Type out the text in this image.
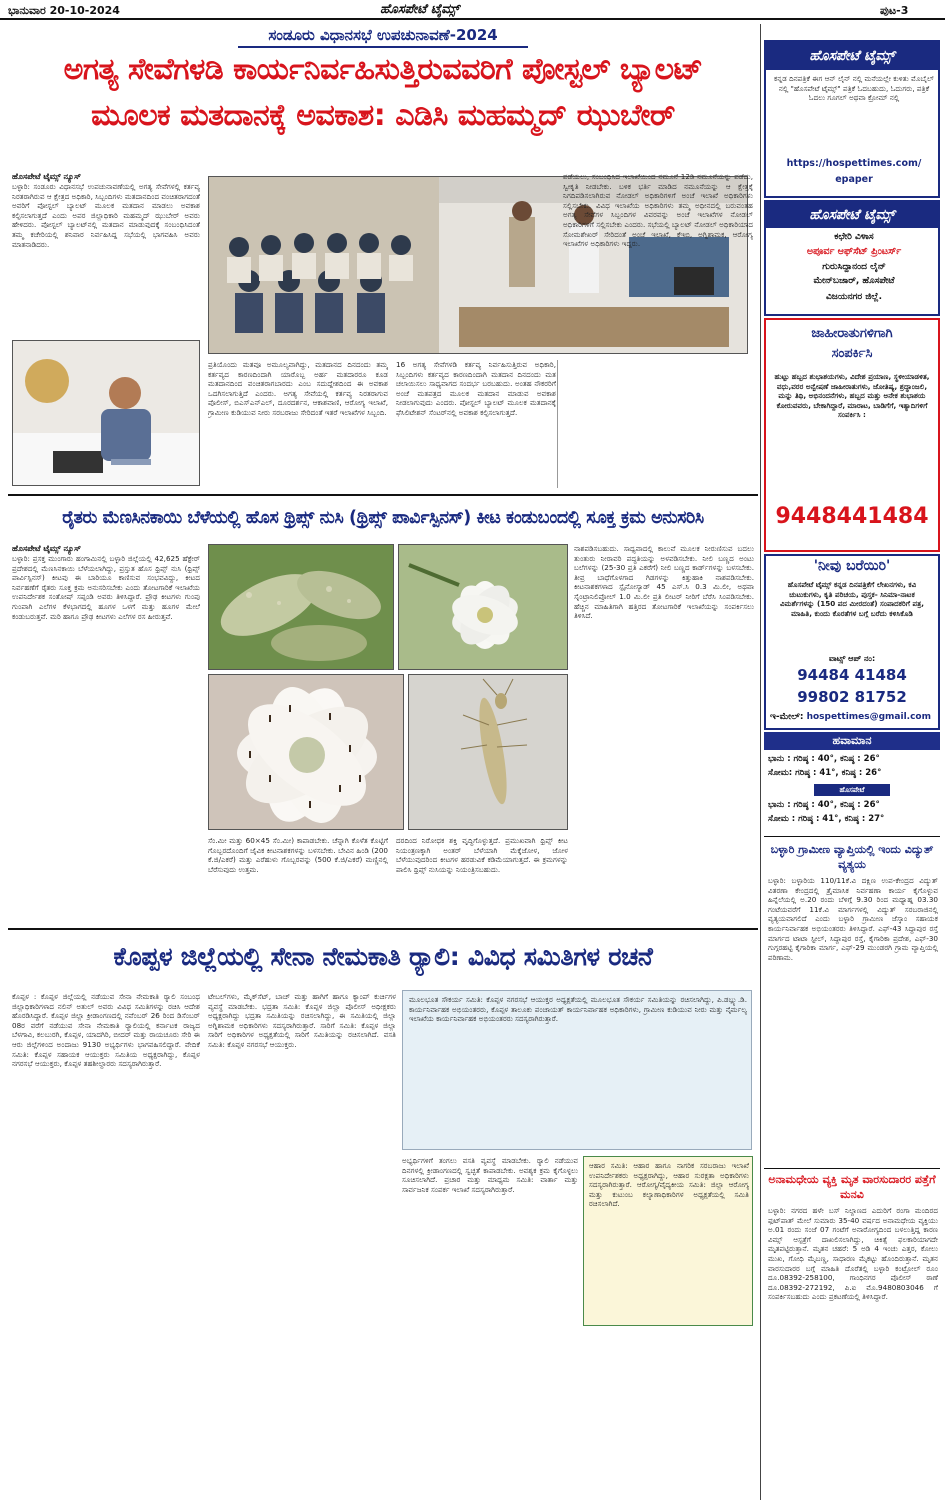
ಭಾನುವಾರ 20-10-2024	ಹೊಸಪೇಟೆ ಟೈಮ್ಸ್	ಪುಟ-3
ಸಂಡೂರು ವಿಧಾನಸಭೆ ಉಪಚುನಾವಣೆ-2024
ಅಗತ್ಯ ಸೇವೆಗಳಡಿ ಕಾರ್ಯನಿರ್ವಹಿಸುತ್ತಿರುವವರಿಗೆ ಪೋಸ್ಟಲ್ ಬ್ಯಾಲಟ್
ಮೂಲಕ ಮತದಾನಕ್ಕೆ ಅವಕಾಶ: ಎಡಿಸಿ ಮಹಮ್ಮದ್ ಝುಬೇರ್
ಹೊಸಪೇಟೆ ಟೈಮ್ಸ್ ನ್ಯೂಸ್
ಬಳ್ಳಾರಿ: ಸಂಡೂರು ವಿಧಾನಸಭೆ ಉಪಚುನಾವಣೆಯಲ್ಲಿ ಅಗತ್ಯ ಸೇವೆಗಳಲ್ಲಿ ಕರ್ತವ್ಯ ನಿರತರಾಗಿರುವ ಆ ಕ್ಷೇತ್ರದ ಅಧಿಕಾರಿ, ಸಿಬ್ಬಂದಿಗಳು ಮತದಾನದಿಂದ ವಂಚಿತರಾಗದಂತೆ ಅವರಿಗೆ ಪೋಸ್ಟಲ್ ಬ್ಯಾಲಟ್ ಮೂಲಕ ಮತದಾನ ಮಾಡಲು ಅವಕಾಶ ಕಲ್ಪಿಸಲಾಗುತ್ತದೆ ಎಂದು ಅಪರ ಜಿಲ್ಲಾಧಿಕಾರಿ ಮಹಮ್ಮದ್ ಝುಬೇರ್ ಅವರು ಹೇಳಿದರು. ಪೋಸ್ಟಲ್ ಬ್ಯಾಲಟ್‌ನಲ್ಲಿ ಮತದಾನ ಮಾಡುವುದಕ್ಕೆ ಸಂಬಂಧಿಸಿದಂತೆ ತಮ್ಮ ಕಚೇರಿಯಲ್ಲಿ ಶನಿವಾರ ನಿರ್ವಹಿಸಿದ್ದ ಸಭೆಯಲ್ಲಿ ಭಾಗವಹಿಸಿ ಅವರು ಮಾತನಾಡಿದರು.
ಪ್ರತಿಯೊಂದು ಮತವೂ ಅಮೂಲ್ಯವಾಗಿದ್ದು, ಮತದಾನದ ದಿನದಂದು ತಮ್ಮ ಕರ್ತವ್ಯದ ಕಾರಣದಿಂದಾಗಿ ಯಾರೊಬ್ಬ ಅರ್ಹ ಮತದಾರರೂ ಕೂಡ ಮತದಾನದಿಂದ ವಂಚಿತರಾಗಬಾರದು ಎಂಬ ಸದುದ್ದೇಶದಿಂದ ಈ ಅವಕಾಶ ಒದಗಿಸಲಾಗುತ್ತಿದೆ ಎಂದರು. ಅಗತ್ಯ ಸೇವೆಯಲ್ಲಿ ಕರ್ತವ್ಯ ನಿರತರಾಗುವ ಪೊಲೀಸ್, ಬಿಎಸ್‌ಎನ್‌ಎಲ್, ದೂರದರ್ಶನ, ಆಕಾಶವಾಣಿ, ಆರೋಗ್ಯ ಇಲಾಖೆ, ಗ್ರಾಮೀಣ ಕುಡಿಯುವ ನೀರು ಸರಬರಾಜು ಸೇರಿದಂತೆ ಇತರೆ ಇಲಾಖೆಗಳ ಸಿಬ್ಬಂದಿ.
16 ಅಗತ್ಯ ಸೇವೆಗಳಡಿ ಕರ್ತವ್ಯ ನಿರ್ವಹಿಸುತ್ತಿರುವ ಅಧಿಕಾರಿ, ಸಿಬ್ಬಂದಿಗಳು ಕರ್ತವ್ಯದ ಕಾರಣದಿಂದಾಗಿ ಮತದಾನ ದಿನದಂದು ಮತ ಚಲಾಯಿಸಲು ಸಾಧ್ಯವಾಗದ ಸಂದರ್ಭ ಬರಬಹುದು. ಅಂತಹ ನೌಕರರಿಗೆ ಅಂಚೆ ಮತಪತ್ರದ ಮೂಲಕ ಮತದಾನ ಮಾಡುವ ಅವಕಾಶ ನೀಡಲಾಗುವುದು ಎಂದರು. ಪೋಸ್ಟಲ್ ಬ್ಯಾಲಟ್ ಮೂಲಕ ಮತದಾನಕ್ಕೆ ಫೆಸಿಲಿಟೇಶನ್ ಸೆಂಟರ್‌ನಲ್ಲಿ ಅವಕಾಶ ಕಲ್ಪಿಸಲಾಗುತ್ತದೆ.
ಪಡೆಯಲು, ಸಂಬಂಧಿಸಿದ ಇಲಾಖೆಯಿಂದ ನಮೂನೆ 12ಡಿ ನಮೂನೆಯನ್ನು ಪಡೆದು, ಸ್ವೀಕೃತಿ ನೀಡಬೇಕು. ಬಳಿಕ ಭರ್ತಿ ಮಾಡಿದ ನಮೂನೆಯನ್ನು ಆ ಕ್ಷೇತ್ರಕ್ಕೆ ನಿಗದಿಪಡಿಸಲಾಗಿರುವ ನೋಡಲ್ ಅಧಿಕಾರಿಗಳಿಗೆ ಅಂಚೆ ಇಲಾಖೆ ಅಧಿಕಾರಿಗಳು ಸಲ್ಲಿಸಬೇಕು. ವಿವಿಧ ಇಲಾಖೆಯ ಅಧಿಕಾರಿಗಳು ತಮ್ಮ ಅಧೀನದಲ್ಲಿ ಬರುವಂತಹ ಅಗತ್ಯ ಸೇವೆಗಳ ಸಿಬ್ಬಂದಿಗಳ ವಿವರವನ್ನು ಅಂಚೆ ಇಲಾಖೆಗಳ ನೋಡಲ್ ಅಧಿಕಾರಿಗಳಿಗೆ ಸಲ್ಲಿಸಬೇಕು ಎಂದರು. ಸಭೆಯಲ್ಲಿ ಬ್ಯಾಲಟ್ ನೋಡಲ್ ಅಧಿಕಾರಿಯಾದ ಸೋಮಶೇಖರ್ ಸೇರಿದಂತೆ ಅಂಚೆ ಇಲಾಖೆ, ಕೆಇಬಿ, ಅಗ್ನಿಶಾಮಕ, ಆರೋಗ್ಯ ಇಲಾಖೆಗಳ ಅಧಿಕಾರಿಗಳು ಇದ್ದರು.
ರೈತರು ಮೆಣಸಿನಕಾಯಿ ಬೆಳೆಯಲ್ಲಿ ಹೊಸ ಥ್ರಿಪ್ಸ್ ನುಸಿ (ಥ್ರಿಪ್ಸ್ ಪಾರ್ವಿಸ್ಪಿನಸ್) ಕೀಟ ಕಂಡುಬಂದಲ್ಲಿ ಸೂಕ್ತ ಕ್ರಮ ಅನುಸರಿಸಿ
ಹೊಸಪೇಟೆ ಟೈಮ್ಸ್ ನ್ಯೂಸ್
ಬಳ್ಳಾರಿ: ಪ್ರಸಕ್ತ ಮುಂಗಾರು ಹಂಗಾಮಿನಲ್ಲಿ ಬಳ್ಳಾರಿ ಜಿಲ್ಲೆಯಲ್ಲಿ 42,625 ಹೆಕ್ಟೇರ್ ಪ್ರದೇಶದಲ್ಲಿ ಮೆಣಸಿನಕಾಯಿ ಬೆಳೆಯಲಾಗಿದ್ದು, ಪ್ರಸ್ತುತ ಹೊಸ ಥ್ರಿಪ್ಸ್ ನುಸಿ (ಥ್ರಿಪ್ಸ್ ಪಾರ್ವಿಸ್ಪಿನಸ್) ಕೀಟವು ಈ ಬಾರಿಯೂ ಕಾಣಿಸುವ ಸಂಭವವಿದ್ದು, ಕೀಟದ ನಿರ್ವಹಣೆಗೆ ರೈತರು ಸೂಕ್ತ ಕ್ರಮ ಅನುಸರಿಸಬೇಕು ಎಂದು ತೋಟಗಾರಿಕೆ ಇಲಾಖೆಯ ಉಪನಿರ್ದೇಶಕ ಸಂತೋಷ್ ಸಪ್ಪಂಡಿ ಅವರು ತಿಳಿಸಿದ್ದಾರೆ. ಪ್ರೌಢ ಕೀಟಗಳು ಗುಂಪು ಗುಂಪಾಗಿ ಎಲೆಗಳ ಕೆಳಭಾಗದಲ್ಲಿ ಹೂಗಳ ಒಳಗೆ ಮತ್ತು ಹೂಗಳ ಮೇಲೆ ಕಂಡುಬರುತ್ತವೆ. ಮರಿ ಹಾಗೂ ಪ್ರೌಢ ಕೀಟಗಳು ಎಲೆಗಳ ರಸ ಹೀರುತ್ತವೆ.
ಸೆಂ.ಮೀ ಮತ್ತು 60×45 ಸೆಂ.ಮೀ) ಕಾಪಾಡಬೇಕು. ಚೆನ್ನಾಗಿ ಕೊಳೆತ ಕೊಟ್ಟಿಗೆ ಗೊಬ್ಬರದೊಂದಿಗೆ ಜೈವಿಕ ಕೀಟನಾಶಕಗಳನ್ನು ಬಳಸಬೇಕು. ಬೇವಿನ ಹಿಂಡಿ (200 ಕೆ.ಜಿ/ಎಕರೆ) ಮತ್ತು ಎರೆಹುಳು ಗೊಬ್ಬರವನ್ನು (500 ಕೆ.ಜಿ/ಎಕರೆ) ಮಣ್ಣಿನಲ್ಲಿ ಬೆರೆಸುವುದು ಉತ್ತಮ.
ದರದಿಂದ ನಿರೋಧಕ ಶಕ್ತಿ ವೃದ್ಧಿಗೊಳ್ಳುತ್ತದೆ. ಪ್ರಮುಖವಾಗಿ ಥ್ರಿಪ್ಸ್ ಕೀಟ ನಿಯಂತ್ರಣಕ್ಕಾಗಿ ಅಂತರ್ ಬೆಳೆಯಾಗಿ ಮೆಕ್ಕೆಜೋಳ, ಜೋಳ ಬೆಳೆಯುವುದರಿಂದ ಕೀಟಗಳ ಹರಡುವಿಕೆ ಕಡಿಮೆಯಾಗುತ್ತದೆ. ಈ ಕ್ರಮಗಳನ್ನು ಪಾಲಿಸಿ ಥ್ರಿಪ್ಸ್ ನುಸಿಯನ್ನು ನಿಯಂತ್ರಿಸಬಹುದು.
ನಾಶಪಡಿಸಬಹುದು. ಸಾಧ್ಯವಾದಲ್ಲಿ ಕಾಲುವೆ ಮೂಲಕ ನೀರುಣಿಸುವ ಬದಲು ತುಂತುರು ನೀರಾವರಿ ಪದ್ಧತಿಯನ್ನು ಅಳವಡಿಸಬೇಕು. ನೀಲಿ ಬಣ್ಣದ ಅಂಟು ಬಲೆಗಳನ್ನು (25-30 ಪ್ರತಿ ಎಕರೆಗೆ) ನೀಲಿ ಬಣ್ಣದ ಕಾರ್ಡ್‌ಗಳನ್ನು ಬಳಸಬೇಕು. ತೀವ್ರ ಬಾಧೆಗೊಳಗಾದ ಗಿಡಗಳನ್ನು ಕಿತ್ತುಹಾಕಿ ನಾಶಪಡಿಸಬೇಕು. ಕೀಟನಾಶಕಗಳಾದ ಸ್ಪೈನೋಸ್ಯಾಡ್ 45 ಎಸ್.ಸಿ 0.3 ಮಿ.ಲೀ, ಅಥವಾ ಸೈಂಟ್ರಾನಿಲಿಪ್ರೋಲ್ 1.0 ಮಿ.ಲೀ ಪ್ರತಿ ಲೀಟರ್ ನೀರಿಗೆ ಬೆರೆಸಿ ಸಿಂಪಡಿಸಬೇಕು. ಹೆಚ್ಚಿನ ಮಾಹಿತಿಗಾಗಿ ಹತ್ತಿರದ ತೋಟಗಾರಿಕೆ ಇಲಾಖೆಯನ್ನು ಸಂಪರ್ಕಿಸಲು ತಿಳಿಸಿದೆ.
ಕೊಪ್ಪಳ ಜಿಲ್ಲೆಯಲ್ಲಿ ಸೇನಾ ನೇಮಕಾತಿ ರ್‍ಯಾಲಿ: ವಿವಿಧ ಸಮಿತಿಗಳ ರಚನೆ
ಕೊಪ್ಪಳ : ಕೊಪ್ಪಳ ಜಿಲ್ಲೆಯಲ್ಲಿ ನಡೆಯುವ ಸೇನಾ ನೇಮಕಾತಿ ರ್‍ಯಾಲಿ ಸಂಬಂಧ ಜಿಲ್ಲಾಧಿಕಾರಿಗಳಾದ ನಲಿನ್ ಅತುಲ್ ಅವರು ವಿವಿಧ ಸಮಿತಿಗಳನ್ನು ರಚಿಸಿ ಆದೇಶ ಹೊರಡಿಸಿದ್ದಾರೆ. ಕೊಪ್ಪಳ ಜಿಲ್ಲಾ ಕ್ರೀಡಾಂಗಣದಲ್ಲಿ ನವೆಂಬರ್ 26 ರಿಂದ ಡಿಸೆಂಬರ್ 08ರ ವರೆಗೆ ನಡೆಯುವ ಸೇನಾ ನೇಮಕಾತಿ ರ್‍ಯಾಲಿಯಲ್ಲಿ ಕರ್ನಾಟಕ ರಾಜ್ಯದ ಬೆಳಗಾವಿ, ಕಲಬುರಗಿ, ಕೊಪ್ಪಳ, ಯಾದಗಿರಿ, ಬೀದರ್ ಮತ್ತು ರಾಯಚೂರು ಸೇರಿ ಈ ಆರು ಜಿಲ್ಲೆಗಳಿಂದ ಅಂದಾಜು 9130 ಅಭ್ಯರ್ಥಿಗಳು ಭಾಗವಹಿಸಲಿದ್ದಾರೆ. ವೇದಿಕೆ ಸಮಿತಿ: ಕೊಪ್ಪಳ ಸಹಾಯಕ ಆಯುಕ್ತರು ಸಮಿತಿಯ ಅಧ್ಯಕ್ಷರಾಗಿದ್ದು, ಕೊಪ್ಪಳ ನಗರಸಭೆ ಆಯುಕ್ತರು, ಕೊಪ್ಪಳ ತಹಶೀಲ್ದಾರರು ಸದಸ್ಯರಾಗಿರುತ್ತಾರೆ.
ಟೇಬಲ್‌ಗಳು, ಮೈಕ್‌ಸೆಟ್, ಬಾಚ್ ಮತ್ತು ಹಾಗಿಗೆ ಹಾಗೂ ಕ್ಯಾಂಪ್ ಕುರ್ಚಿಗಳ ವ್ಯವಸ್ಥೆ ಮಾಡಬೇಕು. ಭದ್ರತಾ ಸಮಿತಿ: ಕೊಪ್ಪಳ ಜಿಲ್ಲಾ ಪೊಲೀಸ್ ಅಧೀಕ್ಷಕರು ಅಧ್ಯಕ್ಷರಾಗಿದ್ದು ಭದ್ರತಾ ಸಮಿತಿಯನ್ನು ರಚಿಸಲಾಗಿದ್ದು, ಈ ಸಮಿತಿಯಲ್ಲಿ ಜಿಲ್ಲಾ ಅಗ್ನಿಶಾಮಕ ಅಧಿಕಾರಿಗಳು ಸದಸ್ಯರಾಗಿರುತ್ತಾರೆ. ಸಾರಿಗೆ ಸಮಿತಿ: ಕೊಪ್ಪಳ ಜಿಲ್ಲಾ ಸಾರಿಗೆ ಅಧಿಕಾರಿಗಳ ಅಧ್ಯಕ್ಷತೆಯಲ್ಲಿ ಸಾರಿಗೆ ಸಮಿತಿಯನ್ನು ರಚಿಸಲಾಗಿದೆ. ವಸತಿ ಸಮಿತಿ: ಕೊಪ್ಪಳ ನಗರಸಭೆ ಆಯುಕ್ತರು.
ಮೂಲಭೂತ ಸೌಕರ್ಯ ಸಮಿತಿ: ಕೊಪ್ಪಳ ನಗರಸಭೆ ಆಯುಕ್ತರ ಅಧ್ಯಕ್ಷತೆಯಲ್ಲಿ ಮೂಲಭೂತ ಸೌಕರ್ಯ ಸಮಿತಿಯನ್ನು ರಚಿಸಲಾಗಿದ್ದು, ಪಿ.ಡಬ್ಲ್ಯು.ಡಿ. ಕಾರ್ಯನಿರ್ವಾಹಕ ಅಭಿಯಂತರರು, ಕೊಪ್ಪಳ ತಾಲೂಕು ಪಂಚಾಯತ್ ಕಾರ್ಯನಿರ್ವಾಹಕ ಅಧಿಕಾರಿಗಳು, ಗ್ರಾಮೀಣ ಕುಡಿಯುವ ನೀರು ಮತ್ತು ನೈರ್ಮಲ್ಯ ಇಲಾಖೆಯ ಕಾರ್ಯನಿರ್ವಾಹಕ ಅಭಿಯಂತರರು ಸದಸ್ಯರಾಗಿರುತ್ತಾರೆ.
ಆಹಾರ ಸಮಿತಿ: ಆಹಾರ ಹಾಗೂ ನಾಗರಿಕ ಸರಬರಾಜು ಇಲಾಖೆ ಉಪನಿರ್ದೇಶಕರು ಅಧ್ಯಕ್ಷರಾಗಿದ್ದು, ಆಹಾರ ಸುರಕ್ಷತಾ ಅಧಿಕಾರಿಗಳು ಸದಸ್ಯರಾಗಿರುತ್ತಾರೆ. ಆರೋಗ್ಯ/ವೈದ್ಯಕೀಯ ಸಮಿತಿ: ಜಿಲ್ಲಾ ಆರೋಗ್ಯ ಮತ್ತು ಕುಟುಂಬ ಕಲ್ಯಾಣಾಧಿಕಾರಿಗಳ ಅಧ್ಯಕ್ಷತೆಯಲ್ಲಿ ಸಮಿತಿ ರಚಿಸಲಾಗಿದೆ.
ಅಭ್ಯರ್ಥಿಗಳಿಗೆ ತಂಗಲು ವಸತಿ ವ್ಯವಸ್ಥೆ ಮಾಡಬೇಕು. ರ್‍ಯಾಲಿ ನಡೆಯುವ ದಿನಗಳಲ್ಲಿ ಕ್ರೀಡಾಂಗಣದಲ್ಲಿ ಸ್ವಚ್ಛತೆ ಕಾಪಾಡಬೇಕು. ಅವಶ್ಯಕ ಕ್ರಮ ಕೈಗೊಳ್ಳಲು ಸೂಚಿಸಲಾಗಿದೆ. ಪ್ರಚಾರ ಮತ್ತು ಮಾಧ್ಯಮ ಸಮಿತಿ: ವಾರ್ತಾ ಮತ್ತು ಸಾರ್ವಜನಿಕ ಸಂಪರ್ಕ ಇಲಾಖೆ ಸದಸ್ಯರಾಗಿರುತ್ತಾರೆ.
ಹೊಸಪೇಟೆ ಟೈಮ್ಸ್
ಕನ್ನಡ ದಿನಪತ್ರಿಕೆ ಈಗ ಆನ್ ಲೈನ್ ನಲ್ಲಿ ಮನೆಯಲ್ಲೇ ಕುಳಿತು ಮೊಬೈಲ್ ನಲ್ಲಿ "ಹೊಸಪೇಟೆ ಟೈಮ್ಸ್" ಪತ್ರಿಕೆ ಓದಬಹುದು, ಓದುಗರು, ಪತ್ರಿಕೆ ಓದಲು ಗೂಗಲ್ ಅಥವಾ ಕ್ರೋಮ್ ನಲ್ಲಿ
https://hospettimes.com/
epaper
ಹೊಸಪೇಟೆ ಟೈಮ್ಸ್
ಕಛೇರಿ ವಿಳಾಸ
ಅಪೂರ್ವ ಆಫ್‌ಸೆಟ್ ಪ್ರಿಂಟರ್ಸ್
ಗುರುಸಿದ್ದಾನಂದ ಲೈನ್
ಮೇನ್‌ಬಜಾರ್, ಹೊಸಪೇಟೆ
ವಿಜಯನಗರ ಜಿಲ್ಲೆ.
ಜಾಹೀರಾತುಗಳಿಗಾಗಿ
ಸಂಪರ್ಕಿಸಿ
ಹುಟ್ಟು ಹಬ್ಬದ ಶುಭಾಶಯಗಳು, ವಿದೇಶ ಪ್ರಯಾಣ, ಸ್ಥಳೀಯಾಡಳಿತ, ವಧು,ವರರ ಅನ್ವೇಷಣೆ ಜಾಹೀರಾತುಗಳು, ಜೋತಿಷ್ಯ, ಶ್ರದ್ಧಾಂಜಲಿ, ಮನ್ನು ತಿಥಿ, ಅಭಿನಂದನೆಗಳು, ಹಬ್ಬದ ಮತ್ತು ಅನೇಕ ಶುಭಾಶಯ ಕೋರುವವರು, ಬೇಕಾಗಿದ್ದಾರೆ, ಮಾರಾಟ, ಬಾಡಿಗೆಗೆ, ಇತ್ಯಾದಿಗಳಿಗೆ ಸಂಪರ್ಕಿಸಿ :
9448441484
'ನೀವು ಬರೆಯಿರಿ'
ಹೊಸಪೇಟೆ ಟೈಮ್ಸ್ ಕನ್ನಡ ದಿನಪತ್ರಿಕೆಗೆ ಲೇಖನಗಳು, ಕವಿ ಚುಟುಕುಗಳು, ಕೃತಿ ಪರಿಚಯ, ಪುಸ್ತಕ- ಸಿನಿಮಾ-ನಾಟಕ ವಿಮರ್ಶೆಗಳನ್ನು (150 ಪದ ಮೀರದಂತೆ) ಸಂಪಾದಕರಿಗೆ ಪತ್ರ, ಮಾಹಿತಿ, ಕುಂದು ಕೊರತೆಗಳ ಬಗ್ಗೆ ಬರೆದು ಕಳಿಸಿಕೊಡಿ
ವಾಟ್ಸ್ ಆಪ್ ನಂ:
94484 41484
99802 81752
ಇ-ಮೇಲ್: hospettimes@gmail.com
ಹವಾಮಾನ
ಭಾನು : ಗರಿಷ್ಠ : 40°, ಕನಿಷ್ಠ : 26°
ಸೋಮ: ಗರಿಷ್ಠ : 41°, ಕನಿಷ್ಠ : 26°
ಹೊಸಪೇಟೆ
ಭಾನು : ಗರಿಷ್ಠ : 40°, ಕನಿಷ್ಠ : 26°
ಸೋಮ : ಗರಿಷ್ಠ : 41°, ಕನಿಷ್ಠ : 27°
ಬಳ್ಳಾರಿ ಗ್ರಾಮೀಣ ವ್ಯಾಪ್ತಿಯಲ್ಲಿ ಇಂದು ವಿದ್ಯುತ್ ವ್ಯತ್ಯಯ
ಬಳ್ಳಾರಿ: ಬಳ್ಳಾರಿಯ 110/11ಕೆ.ವಿ ದಕ್ಷಿಣ ಉಪ-ಕೇಂದ್ರದ ವಿದ್ಯುತ್ ವಿತರಣಾ ಕೇಂದ್ರದಲ್ಲಿ ತ್ರೈಮಾಸಿಕ ನಿರ್ವಹಣಾ ಕಾರ್ಯ ಕೈಗೊಳ್ಳುವ ಹಿನ್ನೆಲೆಯಲ್ಲಿ ಅ.20 ರಂದು ಬೆಳಿಗ್ಗೆ 9.30 ರಿಂದ ಮಧ್ಯಾಹ್ನ 03.30 ಗಂಟೆಯವರೆಗೆ 11ಕೆ.ವಿ ಮಾರ್ಗಗಳಲ್ಲಿ ವಿದ್ಯುತ್ ಸರಬರಾಜಿನಲ್ಲಿ ವ್ಯತ್ಯಯವಾಗಲಿದೆ ಎಂದು ಬಳ್ಳಾರಿ ಗ್ರಾಮೀಣ ಜೆಸ್ಕಾಂ ಸಹಾಯಕ ಕಾರ್ಯನಿರ್ವಾಹಕ ಅಭಿಯಂತರರು ತಿಳಿಸಿದ್ದಾರೆ. ಎಫ್-43 ಸಿದ್ದಾಪುರ ರಸ್ತೆ ಮಾರ್ಗದ ಟಾಟಾ ಸ್ಟೀಲ್, ಸಿದ್ದಾಪುರ ರಸ್ತೆ, ಕೈಗಾರಿಕಾ ಪ್ರದೇಶ, ಎಫ್-30 ಗುಗ್ಗರಹಟ್ಟಿ ಕೈಗಾರಿಕಾ ಮಾರ್ಗ, ಎಫ್-29 ಮುಂಡರಗಿ ಗ್ರಾಮ ವ್ಯಾಪ್ತಿಯಲ್ಲಿ ಪರಿಣಾಮ.
ಅನಾಮಧೇಯ ವ್ಯಕ್ತಿ ಮೃತ ವಾರಸುದಾರರ ಪತ್ತೆಗೆ ಮನವಿ
ಬಳ್ಳಾರಿ: ನಗರದ ಹಳೇ ಬಸ್ ನಿಲ್ದಾಣದ ಎದುರಿಗೆ ರಂಗಾ ಮಂದಿರದ ಫುಟ್‌ಪಾತ್ ಮೇಲೆ ಸುಮಾರು 35-40 ವರ್ಷದ ಅನಾಮಧೇಯ ವ್ಯಕ್ತಿಯು ಅ.01 ರಂದು ಸಂಜೆ 07 ಗಂಟೆಗೆ ಅನಾರೋಗ್ಯದಿಂದ ಬಳಲುತ್ತಿದ್ದ ಕಾರಣ ವಿಮ್ಸ್ ಆಸ್ಪತ್ರೆಗೆ ದಾಖಲಿಸಲಾಗಿದ್ದು, ಚಿಕಿತ್ಸೆ ಫಲಕಾರಿಯಾಗದೇ ಮೃತಪಟ್ಟಿರುತ್ತಾನೆ. ಮೃತನ ಚಹರೆ: 5 ಅಡಿ 4 ಇಂಚು ಎತ್ತರ, ಕೋಲು ಮುಖ, ಗೋಧಿ ಮೈಬಣ್ಣ, ಸಾಧಾರಣ ಮೈಕಟ್ಟು ಹೊಂದಿರುತ್ತಾನೆ. ಮೃತನ ವಾರಸುದಾರರ ಬಗ್ಗೆ ಮಾಹಿತಿ ದೊರೆತಲ್ಲಿ ಬಳ್ಳಾರಿ ಕಂಟ್ರೋಲ್ ರೂಂ ದೂ.08392-258100, ಗಾಂಧಿನಗರ ಪೊಲೀಸ್ ಠಾಣೆ ದೂ.08392-272192, ಪಿ.ಐ ಮೊ.9480803046 ಗೆ ಸಂಪರ್ಕಿಸಬಹುದು ಎಂದು ಪ್ರಕಟಣೆಯಲ್ಲಿ ತಿಳಿಸಿದ್ದಾರೆ.
